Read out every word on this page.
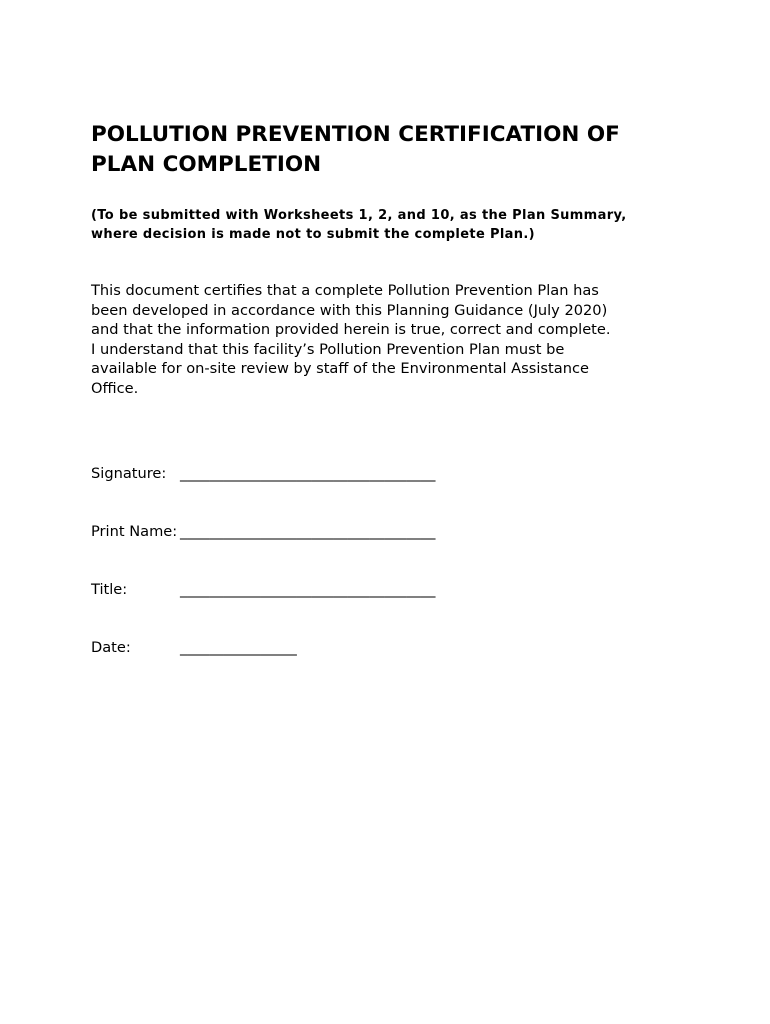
POLLUTION PREVENTION CERTIFICATION OF
PLAN COMPLETION

(To be submitted with Worksheets 1, 2, and 10, as the Plan Summary,
where decision is made not to submit the complete Plan.)

This document certifies that a complete Pollution Prevention Plan has
been developed in accordance with this Planning Guidance (July 2020)
and that the information provided herein is true, correct and complete.
I understand that this facility’s Pollution Prevention Plan must be
available for on-site review by staff of the Environmental Assistance
Office.
Signature: ___________________________________
Print Name: ___________________________________
Title:	___________________________________
Date:	________________
